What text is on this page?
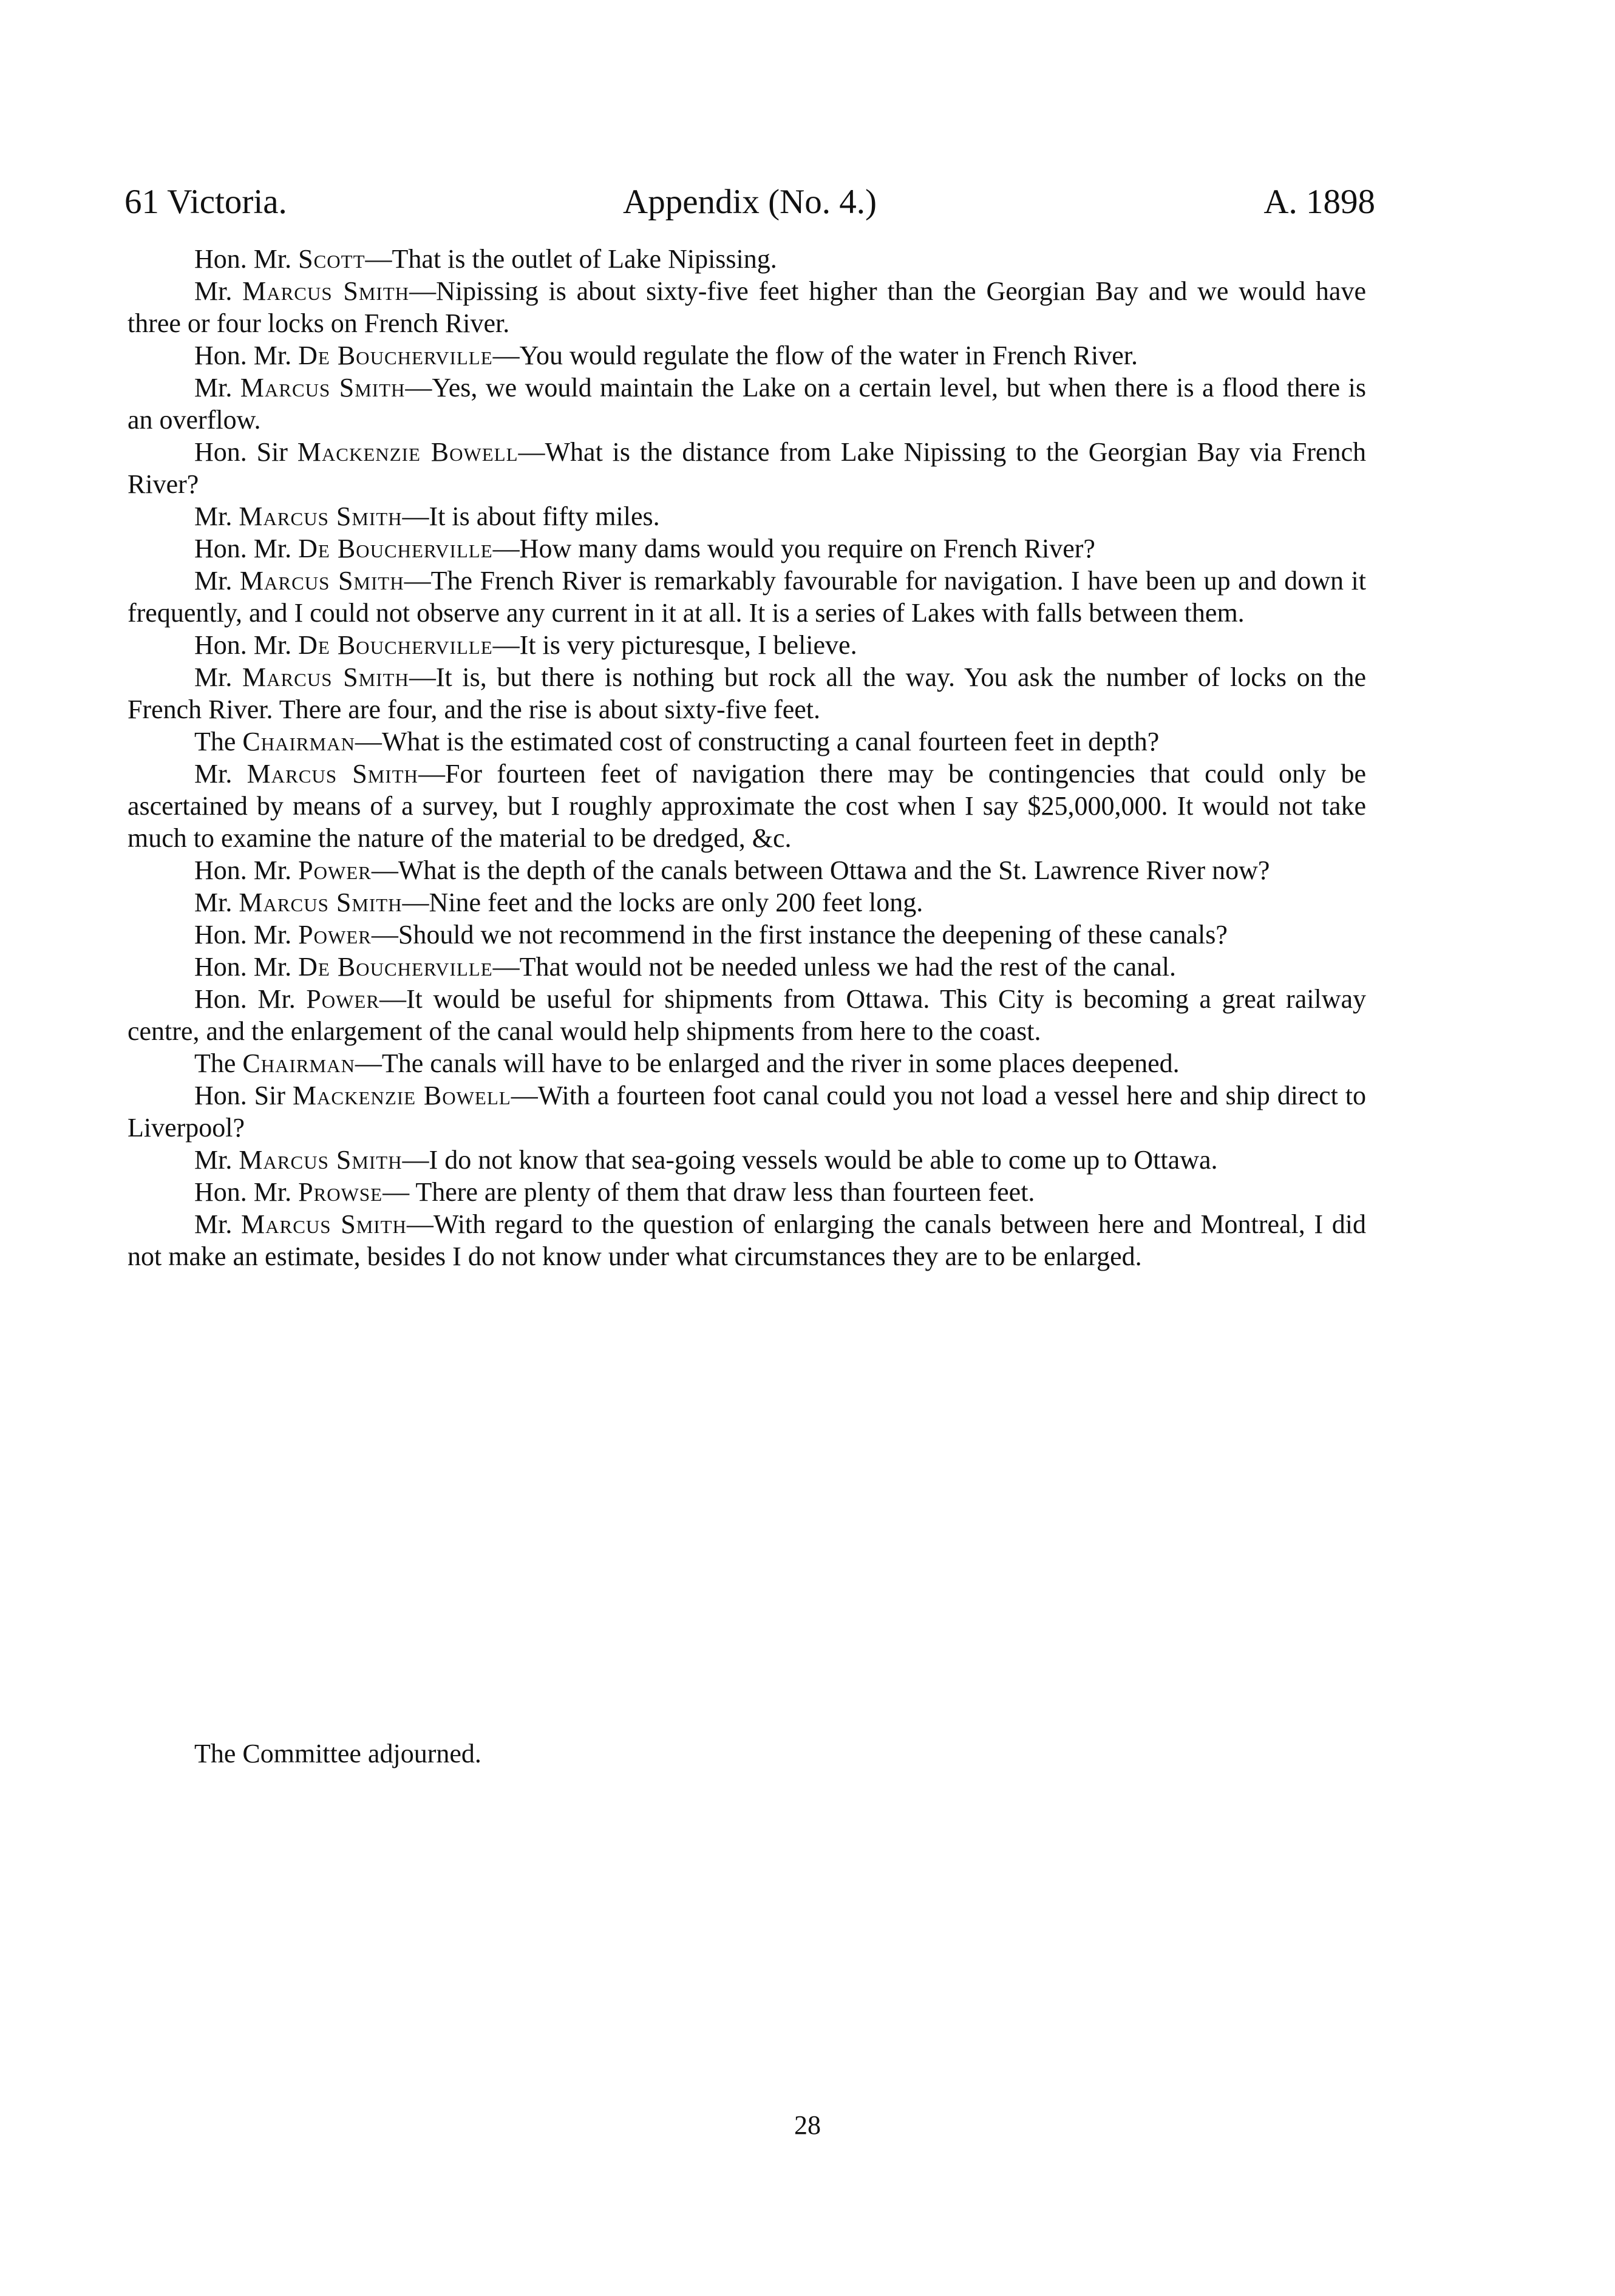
61 Victoria.	Appendix (No. 4.)	A. 1898

Hon. Mr. Scott—That is the outlet of Lake Nipissing.

Mr. Marcus Smith—Nipissing is about sixty-five feet higher than the Georgian Bay and we would have three or four locks on French River.

Hon. Mr. De Boucherville—You would regulate the flow of the water in French River.

Mr. Marcus Smith—Yes, we would maintain the Lake on a certain level, but when there is a flood there is an overflow.

Hon. Sir Mackenzie Bowell—What is the distance from Lake Nipissing to the Georgian Bay via French River?

Mr. Marcus Smith—It is about fifty miles.

Hon. Mr. De Boucherville—How many dams would you require on French River?

Mr. Marcus Smith—The French River is remarkably favourable for navigation. I have been up and down it frequently, and I could not observe any current in it at all. It is a series of Lakes with falls between them.

Hon. Mr. De Boucherville—It is very picturesque, I believe.

Mr. Marcus Smith—It is, but there is nothing but rock all the way. You ask the number of locks on the French River. There are four, and the rise is about sixty-five feet.

The Chairman—What is the estimated cost of constructing a canal fourteen feet in depth?

Mr. Marcus Smith—For fourteen feet of navigation there may be contingencies that could only be ascertained by means of a survey, but I roughly approximate the cost when I say $25,000,000. It would not take much to examine the nature of the material to be dredged, &c.

Hon. Mr. Power—What is the depth of the canals between Ottawa and the St. Lawrence River now?

Mr. Marcus Smith—Nine feet and the locks are only 200 feet long.

Hon. Mr. Power—Should we not recommend in the first instance the deepening of these canals?

Hon. Mr. De Boucherville—That would not be needed unless we had the rest of the canal.

Hon. Mr. Power—It would be useful for shipments from Ottawa. This City is becoming a great railway centre, and the enlargement of the canal would help shipments from here to the coast.

The Chairman—The canals will have to be enlarged and the river in some places deepened.

Hon. Sir Mackenzie Bowell—With a fourteen foot canal could you not load a vessel here and ship direct to Liverpool?

Mr. Marcus Smith—I do not know that sea-going vessels would be able to come up to Ottawa.

Hon. Mr. Prowse— There are plenty of them that draw less than fourteen feet.

Mr. Marcus Smith—With regard to the question of enlarging the canals between here and Montreal, I did not make an estimate, besides I do not know under what circumstances they are to be enlarged.

The Committee adjourned.
28
